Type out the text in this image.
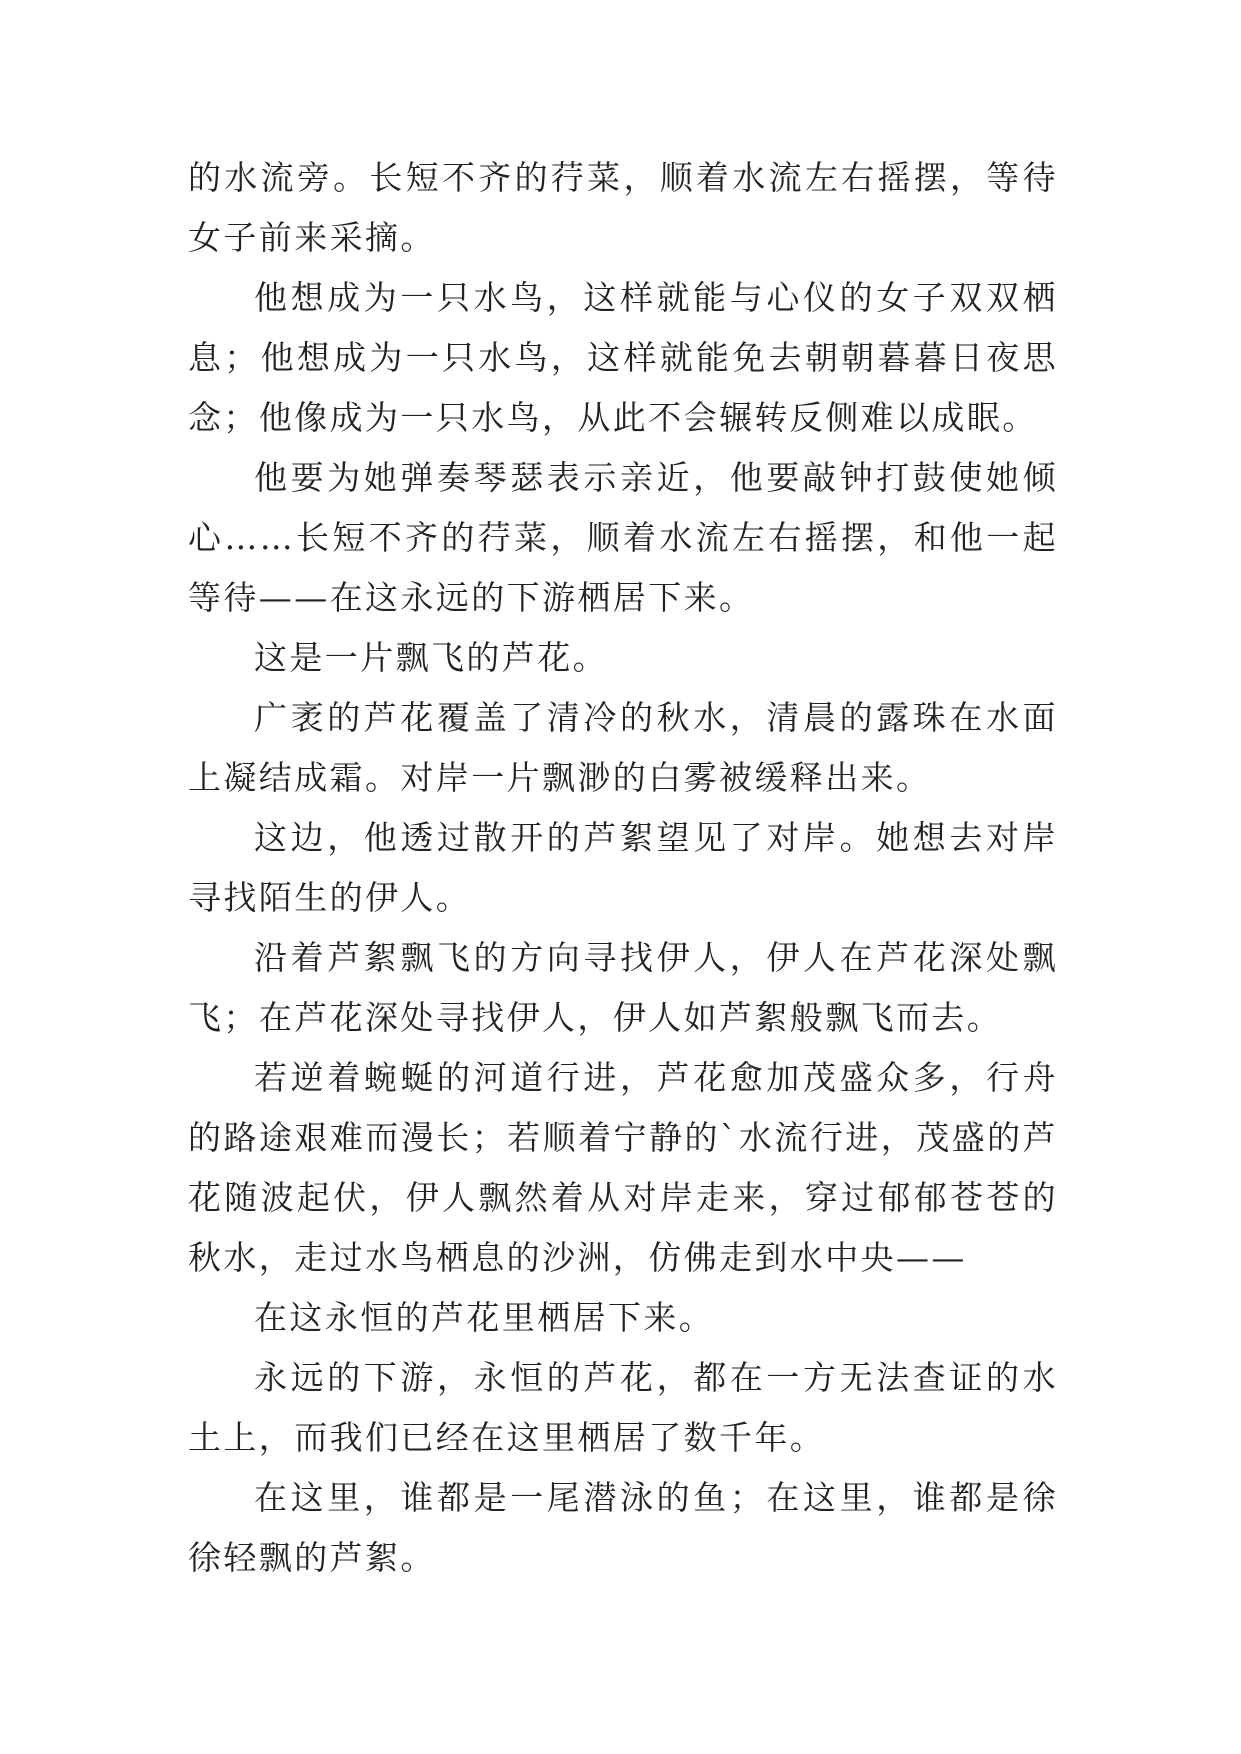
的水流旁。长短不齐的荇菜，顺着水流左右摇摆，等待女子前来采摘。

他想成为一只水鸟，这样就能与心仪的女子双双栖息；他想成为一只水鸟，这样就能免去朝朝暮暮日夜思念；他像成为一只水鸟，从此不会辗转反侧难以成眠。

他要为她弹奏琴瑟表示亲近，他要敲钟打鼓使她倾心……长短不齐的荇菜，顺着水流左右摇摆，和他一起等待——在这永远的下游栖居下来。

这是一片飘飞的芦花。

广袤的芦花覆盖了清冷的秋水，清晨的露珠在水面上凝结成霜。对岸一片飘渺的白雾被缓释出来。

这边，他透过散开的芦絮望见了对岸。她想去对岸寻找陌生的伊人。

沿着芦絮飘飞的方向寻找伊人，伊人在芦花深处飘飞；在芦花深处寻找伊人，伊人如芦絮般飘飞而去。

若逆着蜿蜒的河道行进，芦花愈加茂盛众多，行舟的路途艰难而漫长；若顺着宁静的`水流行进，茂盛的芦花随波起伏，伊人飘然着从对岸走来，穿过郁郁苍苍的秋水，走过水鸟栖息的沙洲，仿佛走到水中央——

在这永恒的芦花里栖居下来。

永远的下游，永恒的芦花，都在一方无法查证的水土上，而我们已经在这里栖居了数千年。

在这里，谁都是一尾潜泳的鱼；在这里，谁都是徐徐轻飘的芦絮。
